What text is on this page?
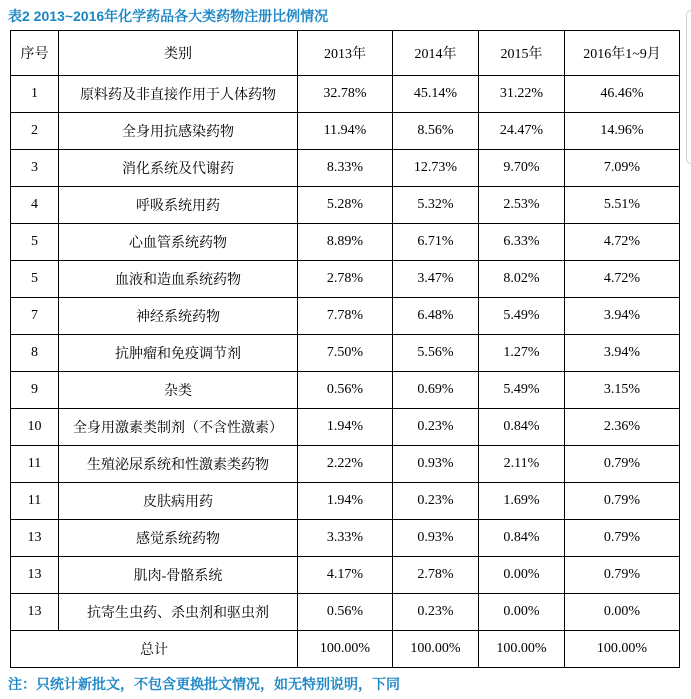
表2 2013~2016年化学药品各大类药物注册比例情况
序号	类别	2013年	2014年	2015年	2016年1~9月
1	原料药及非直接作用于人体药物	32.78%	45.14%	31.22%	46.46%
2	全身用抗感染药物	11.94%	8.56%	24.47%	14.96%
3	消化系统及代谢药	8.33%	12.73%	9.70%	7.09%
4	呼吸系统用药	5.28%	5.32%	2.53%	5.51%
5	心血管系统药物	8.89%	6.71%	6.33%	4.72%
5	血液和造血系统药物	2.78%	3.47%	8.02%	4.72%
7	神经系统药物	7.78%	6.48%	5.49%	3.94%
8	抗肿瘤和免疫调节剂	7.50%	5.56%	1.27%	3.94%
9	杂类	0.56%	0.69%	5.49%	3.15%
10	全身用激素类制剂（不含性激素）	1.94%	0.23%	0.84%	2.36%
11	生殖泌尿系统和性激素类药物	2.22%	0.93%	2.11%	0.79%
11	皮肤病用药	1.94%	0.23%	1.69%	0.79%
13	感觉系统药物	3.33%	0.93%	0.84%	0.79%
13	肌肉-骨骼系统	4.17%	2.78%	0.00%	0.79%
13	抗寄生虫药、杀虫剂和驱虫剂	0.56%	0.23%	0.00%	0.00%
总计		100.00%	100.00%	100.00%	100.00%
注：只统计新批文，不包含更换批文情况，如无特别说明，下同
